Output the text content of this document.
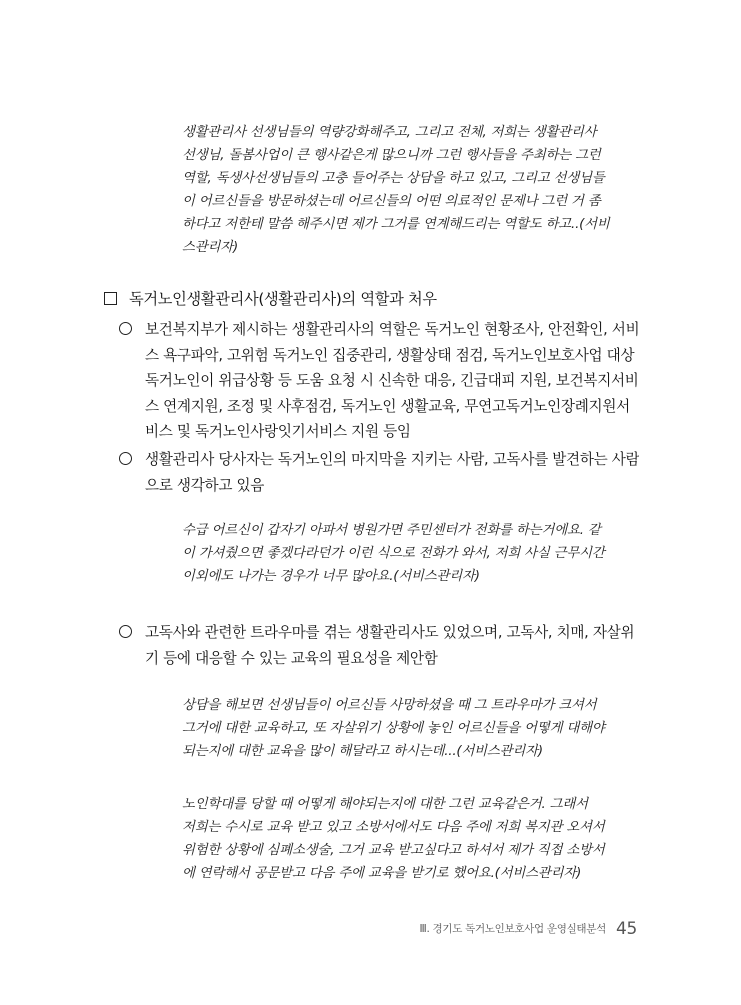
생활관리사 선생님들의 역량강화해주고, 그리고 전체, 저희는 생활관리사
선생님, 돌봄사업이 큰 행사같은게 많으니까 그런 행사들을 주최하는 그런
역할, 독생사선생님들의 고충 들어주는 상담을 하고 있고, 그리고 선생님들
이 어르신들을 방문하셨는데 어르신들의 어떤 의료적인 문제나 그런 거 좀
하다고 저한테 말씀 해주시면 제가 그거를 연계해드리는 역할도 하고..(서비
스관리자)
독거노인생활관리사(생활관리사)의 역할과 처우
보건복지부가 제시하는 생활관리사의 역할은 독거노인 현황조사, 안전확인, 서비
스 욕구파악, 고위험 독거노인 집중관리, 생활상태 점검, 독거노인보호사업 대상
독거노인이 위급상황 등 도움 요청 시 신속한 대응, 긴급대피 지원, 보건복지서비
스 연계지원, 조정 및 사후점검, 독거노인 생활교육, 무연고독거노인장례지원서
비스 및 독거노인사랑잇기서비스 지원 등임
생활관리사 당사자는 독거노인의 마지막을 지키는 사람, 고독사를 발견하는 사람
으로 생각하고 있음
수급 어르신이 갑자기 아파서 병원가면 주민센터가 전화를 하는거에요. 같
이 가셔줬으면 좋겠다라던가 이런 식으로 전화가 와서, 저희 사실 근무시간
이외에도 나가는 경우가 너무 많아요.(서비스관리자)
고독사와 관련한 트라우마를 겪는 생활관리사도 있었으며, 고독사, 치매, 자살위
기 등에 대응할 수 있는 교육의 필요성을 제안함
상담을 해보면 선생님들이 어르신들 사망하셨을 때 그 트라우마가 크셔서
그거에 대한 교육하고, 또 자살위기 상황에 놓인 어르신들을 어떻게 대해야
되는지에 대한 교육을 많이 해달라고 하시는데...(서비스관리자)
노인학대를 당할 때 어떻게 해야되는지에 대한 그런 교육같은거. 그래서
저희는 수시로 교육 받고 있고 소방서에서도 다음 주에 저희 복지관 오셔서
위험한 상황에 심폐소생술, 그거 교육 받고싶다고 하셔서 제가 직접 소방서
에 연락해서 공문받고 다음 주에 교육을 받기로 했어요.(서비스관리자)
Ⅲ. 경기도 독거노인보호사업 운영실태분석 45
